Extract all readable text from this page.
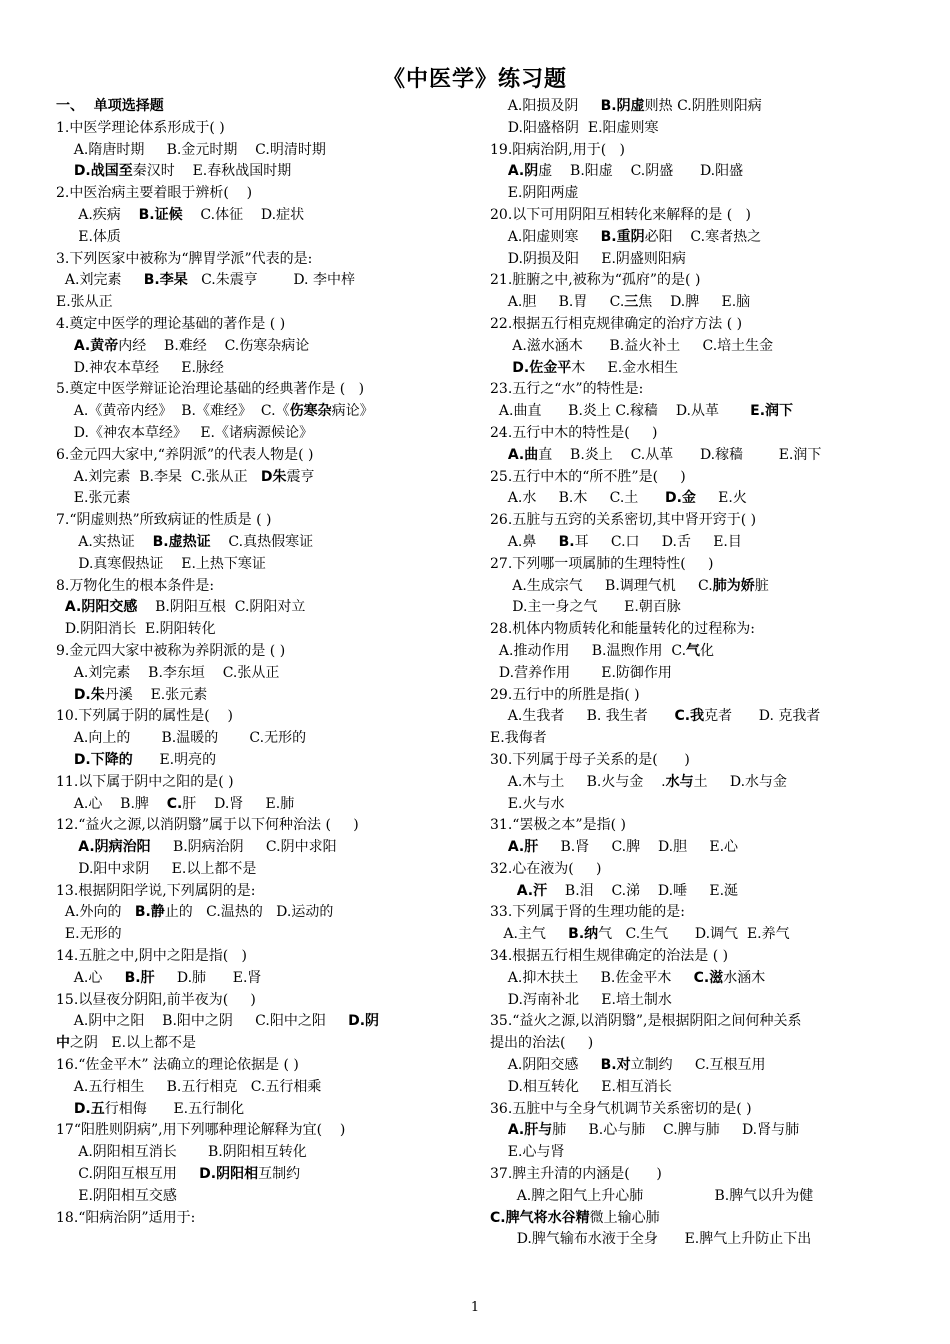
《中医学》练习题
一、  单项选择题
1.中医学理论体系形成于( )
A.隋唐时期     B.金元时期    C.明清时期
D.战国至秦汉时    E.春秋战国时期
2.中医治病主要着眼于辨析(    )
A.疾病    B.证候    C.体征    D.症状
E.体质
3.下列医家中被称为“脾胃学派”代表的是:
A.刘完素     B.李杲   C.朱震亨        D. 李中梓
E.张从正
4.奠定中医学的理论基础的著作是 ( )
A.黄帝内经    B.难经    C.伤寒杂病论
D.神农本草经     E.脉经
5.奠定中医学辩证论治理论基础的经典著作是 (   )
A.《黄帝内经》  B.《难经》  C.《伤寒杂病论》
D.《神农本草经》   E.《诸病源候论》
6.金元四大家中,“养阴派”的代表人物是( )
A.刘完素  B.李杲  C.张从正   D朱震亨
E.张元素
7.“阴虚则热”所致病证的性质是 ( )
A.实热证    B.虚热证    C.真热假寒证
D.真寒假热证    E.上热下寒证
8.万物化生的根本条件是:
A.阴阳交感    B.阴阳互根  C.阴阳对立
D.阴阳消长  E.阴阳转化
9.金元四大家中被称为养阴派的是 ( )
A.刘完素    B.李东垣    C.张从正
D.朱丹溪    E.张元素
10.下列属于阴的属性是(    )
A.向上的       B.温暖的       C.无形的
D.下降的      E.明亮的
11.以下属于阴中之阳的是( )
A.心    B.脾    C.肝    D.肾     E.肺
12.“益火之源,以消阴翳”属于以下何种治法 (     )
A.阴病治阳     B.阴病治阴     C.阴中求阳
D.阳中求阴     E.以上都不是
13.根据阴阳学说,下列属阴的是:
A.外向的   B.静止的   C.温热的   D.运动的
E.无形的
14.五脏之中,阴中之阳是指(   )
A.心     B.肝     D.肺      E.肾
15.以昼夜分阴阳,前半夜为(     )
A.阴中之阳    B.阳中之阴     C.阳中之阳     D.阴
中之阴   E.以上都不是
16.“佐金平木” 法确立的理论依据是 ( )
A.五行相生     B.五行相克   C.五行相乘
D.五行相侮      E.五行制化
17“阳胜则阴病”,用下列哪种理论解释为宜(    )
A.阴阳相互消长       B.阴阳相互转化
C.阴阳互根互用     D.阴阳相互制约
E.阴阳相互交感
18.“阳病治阴”适用于:
A.阳损及阴     B.阴虚则热 C.阴胜则阳病
D.阳盛格阴  E.阳虚则寒
19.阳病治阴,用于(   )
A.阴虚    B.阳虚    C.阴盛      D.阳盛
E.阴阳两虚
20.以下可用阴阳互相转化来解释的是 (   )
A.阳虚则寒     B.重阴必阳    C.寒者热之
D.阴损及阳     E.阴盛则阳病
21.脏腑之中,被称为“孤府”的是( )
A.胆     B.胃     C.三焦    D.脾     E.脑
22.根据五行相克规律确定的治疗方法 ( )
A.滋水涵木      B.益火补土     C.培土生金
D.佐金平木     E.金水相生
23.五行之“水”的特性是:
A.曲直      B.炎上 C.稼穑    D.从革       E.润下
24.五行中木的特性是(     )
A.曲直    B.炎上    C.从革      D.稼穑        E.润下
25.五行中木的“所不胜”是(     )
A.水     B.木     C.土      D.金     E.火
26.五脏与五窍的关系密切,其中肾开窍于( )
A.鼻     B.耳     C.口     D.舌     E.目
27.下列哪一项属肺的生理特性(     )
A.生成宗气     B.调理气机     C.肺为娇脏
D.主一身之气      E.朝百脉
28.机体内物质转化和能量转化的过程称为:
A.推动作用     B.温煦作用  C.气化
D.营养作用       E.防御作用
29.五行中的所胜是指( )
A.生我者     B. 我生者      C.我克者      D. 克我者
E.我侮者
30.下列属于母子关系的是(      )
A.木与土     B.火与金    .水与土     D.水与金
E.火与水
31.“罢极之本”是指( )
A.肝     B.肾     C.脾    D.胆     E.心
32.心在液为(     )
A.汗    B.泪    C.涕    D.唾     E.涎
33.下列属于肾的生理功能的是:
A.主气     B.纳气   C.生气      D.调气  E.养气
34.根据五行相生规律确定的治法是 ( )
A.抑木扶土     B.佐金平木     C.滋水涵木
D.泻南补北     E.培土制水
35.“益火之源,以消阴翳”,是根据阴阳之间何种关系
提出的治法(     )
A.阴阳交感     B.对立制约     C.互根互用
D.相互转化     E.相互消长
36.五脏中与全身气机调节关系密切的是( )
A.肝与肺     B.心与肺    C.脾与肺     D.肾与肺
E.心与肾
37.脾主升清的内涵是(      )
A.脾之阳气上升心肺                B.脾气以升为健
C.脾气将水谷精微上输心肺
D.脾气输布水液于全身      E.脾气上升防止下出
1
